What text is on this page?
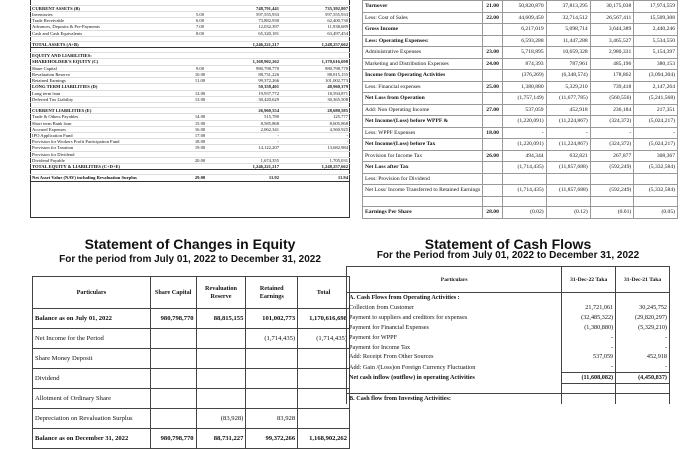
CURRENT ASSETS (B)		748,791,441	735,392,807
Inventories	5.00	597,555,933	597,555,933
Trade Receivable	6.00	73,882,930	62,400,730
Advances, Deposits & Pre-Payments	7.00	12,032,397	11,938,689
Cash and Cash Equivalents	8.00	65,320,181	63,497,454

TOTAL ASSETS (A+B)		1,246,221,217	1,248,257,662

EQUITY AND LIABILITIES:			
SHAREHOLDER'S EQUITY (C)		1,168,902,262	1,170,616,698
Share Capital	9.00	980,798,770	980,798,770
Revaluation Reserve	10.00	88,731,226	88,815,155
Retained Earnings	11.00	99,372,266	101,002,773
LONG TERM LIABILITIES (D)		50,358,401	48,960,379
Long term loan	12.00	19,937,772	18,594,871
Deferred Tax Liability	13.00	30,420,629	30,365,508

CURRENT LIABILITIES (E)		26,960,554	28,680,585
Trade & Others Payables	14.00	515,780	125,777
Short term Bank loan	15.00	8,585,868	8,605,868
Accrued Expenses	16.00	2,062,341	4,560,925
IPO Application Fund	17.00	-	-
Provision for Workers Profit Participation Fund	18.00	-	-
Provision for Taxation	19.00	14,122,207	13,682,984
Provision for Dividend			
Dividend Payable	20.00	1,674,355	1,705,031
TOTAL EQUITY & LIABILITIES (C+D+E)		1,246,221,217	1,248,257,662

Net Asset Value (NAV) including Revaluation Surplus	29.00	11.92	11.94
Turnover	21.00	50,820,870	37,813,295	30,175,038	17,974,559
Less: Cost of Sales	22.00	44,609,450	32,714,512	26,567,411	15,509,308
Gross Income		6,217,019	5,098,714	3,644,389	2,440,246
Less: Operating Expenses:		6,593,288	11,447,288	3,465,527	5,534,550
Administrative Expenses	23.00	5,718,895	10,659,328	2,980,331	5,154,397
Marketing and Distribution Expenses	24.00	874,393	787,961	485,196	380,153
Income from Operating Activities		(376,269)	(6,348,574)	178,862	(3,094,304)
Less: Financial expenses	25.00	1,380,880	5,329,210	739,418	2,147,264
Net Loss from Operation		(1,757,149)	(11,677,785)	(560,556)	(5,241,568)
Add: Non Operating Income	27.00	537,059	452,918	236,184	217,351
Net Income/(Loss) before WPPF &		(1,220,091)	(11,224,867)	(324,372)	(5,024,217)
Less: WPPF Expenses	18.00	-	-	-	-
Net Income/(Loss) before Tax		(1,220,091)	(11,224,867)	(324,372)	(5,024,217)
Provision for Income Tax	26.00	494,344	632,821	267,877	308,367
Net Loss after Tax		(1,714,435)	(11,857,688)	(592,249)	(5,332,584)
Less: Provision for Dividend					
Net Loss/ Income Transferred to Retained Earnings		(1,714,435)	(11,857,688)	(592,249)	(5,332,584)

Earnings Per Share	28.00	(0.02)	(0.12)	(0.01)	(0.05)
Statement of Changes in Equity
For the period from July 01, 2022 to December 31, 2022
Statement of Cash Flows
For the Period from July 01, 2022 to December 31, 2022
Particulars	Share Capital	Revaluation Reserve	Retained Earnings	Total
Balance as on July 01, 2022	980,798,770	88,815,155	101,002,773	1,170,616,698
Net Income for the Period			(1,714,435)	(1,714,435)
Share Money Deposit				
Dividend				
Allotment of Ordinary Share				
Depreciation on Revaluation Surplus		(83,928)	83,928	
Balance as on December 31, 2022	980,798,770	88,731,227	99,372,266	1,168,902,262
Particulars	31-Dec-22 Taka	31-Dec-21 Taka
A. Cash Flows from Operating Activities :		
Collection from Customer	21,721,061	30,245,752
Payment to suppliers and creditors for expenses	(32,485,322)	(29,820,297)
Payment for Financial Expenses	(1,380,880)	(5,329,210)
Payment for WPPF	-	-
Payment for Income Tax	-	-
Add: Receipt From Other Sources	537,059	452,918
Add: Gain /(Loss)on Foreign Currency Fluctuation	-	-
Net cash inflow (outflow) in operating Activities	(11,608,082)	(4,450,837)

B. Cash flow from Investing Activities:		
